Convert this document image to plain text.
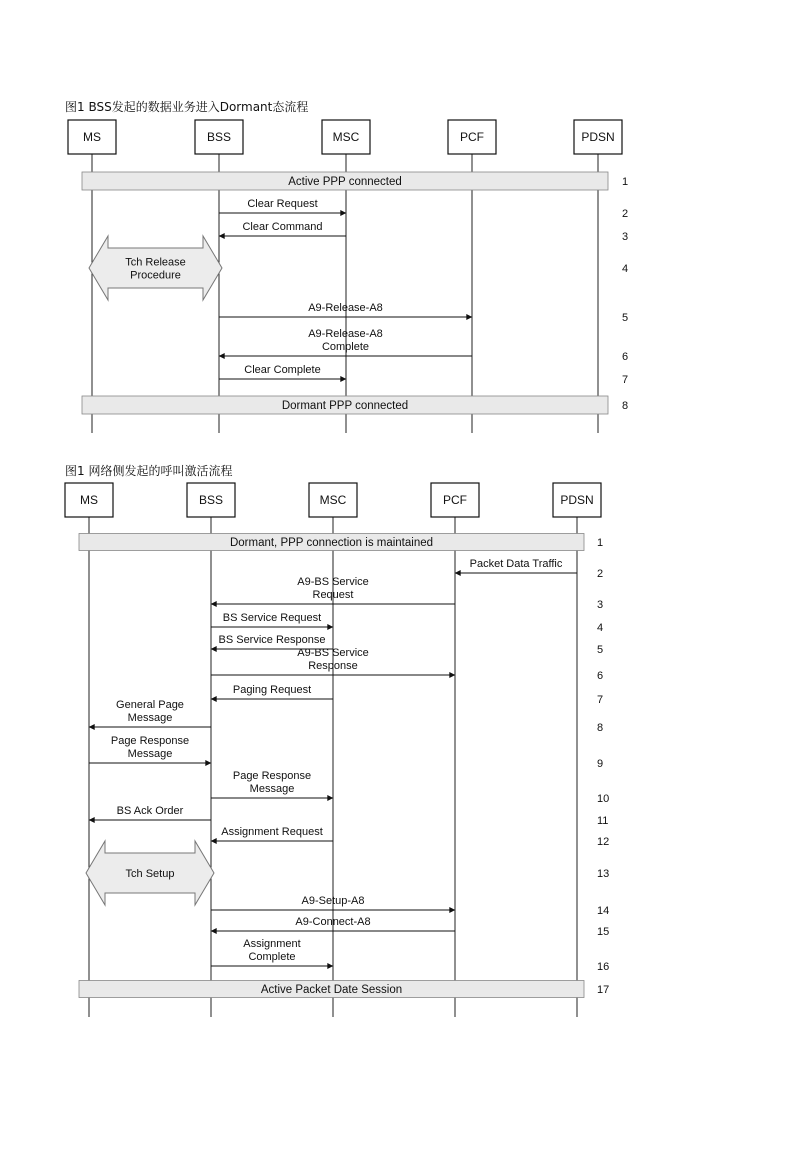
图1 BSS发起的数据业务进入Dormant态流程
MS	BSS	MSC	PCF	PDSN
Active PPP connected	1
Clear Request
2
Clear Command
3
Tch Release
Procedure
4
A9-Release-A8
5
A9-Release-A8
Complete
6
Clear Complete
7
Dormant PPP connected	8
图1 网络侧发起的呼叫激活流程
MS	BSS	MSC	PCF	PDSN
Dormant, PPP connection is maintained	1
Packet Data Traffic
2
A9-BS Service
Request
3
BS Service Request
4
BS Service Response
5
A9-BS Service
Response
6
Paging Request
7
General Page
Message
8
Page Response
Message
9
Page Response
Message
10
BS Ack Order
11
Assignment Request
12
Tch Setup	13
A9-Setup-A8
14
A9-Connect-A8
15
Assignment
Complete
16
Active Packet Date Session	17
